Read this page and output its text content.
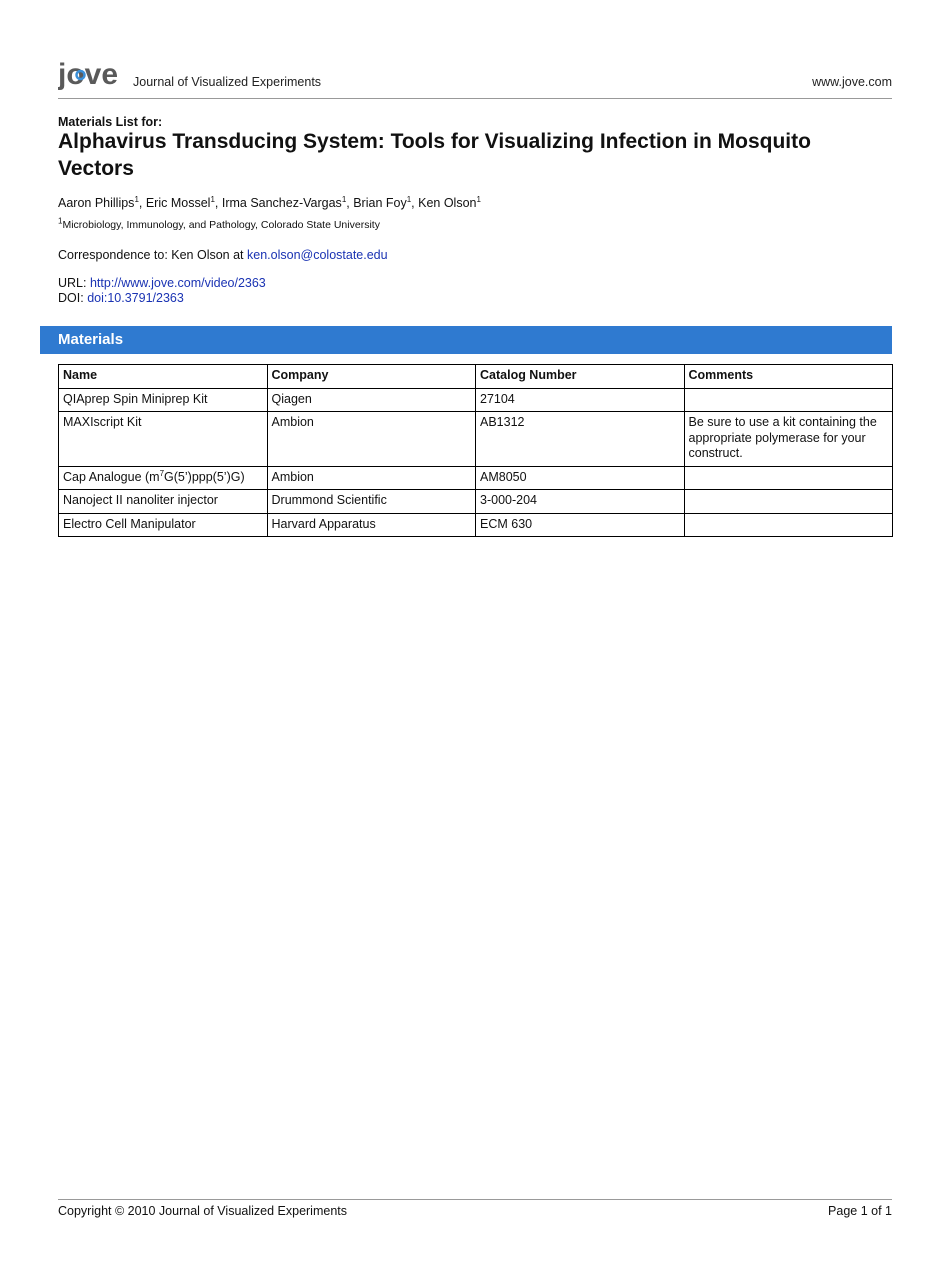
jove Journal of Visualized Experiments	www.jove.com
Materials List for:
Alphavirus Transducing System: Tools for Visualizing Infection in Mosquito Vectors
Aaron Phillips$^1$, Eric Mossel$^1$, Irma Sanchez-Vargas$^1$, Brian Foy$^1$, Ken Olson$^1$
$^1$Microbiology, Immunology, and Pathology, Colorado State University
Correspondence to: Ken Olson at ken.olson@colostate.edu
URL: http://www.jove.com/video/2363
DOI: doi:10.3791/2363
Materials
Name	Company	Catalog Number	Comments
QIAprep Spin Miniprep Kit	Qiagen	27104	
MAXIscript Kit	Ambion	AB1312	Be sure to use a kit containing the appropriate polymerase for your construct.
Cap Analogue $(m^7G(5’)ppp(5’)G)$	Ambion	AM8050	
Nanoject II nanoliter injector	Drummond Scientific	3-000-204	
Electro Cell Manipulator	Harvard Apparatus	ECM 630	
Copyright © 2010 Journal of Visualized Experiments	Page 1 of 1
